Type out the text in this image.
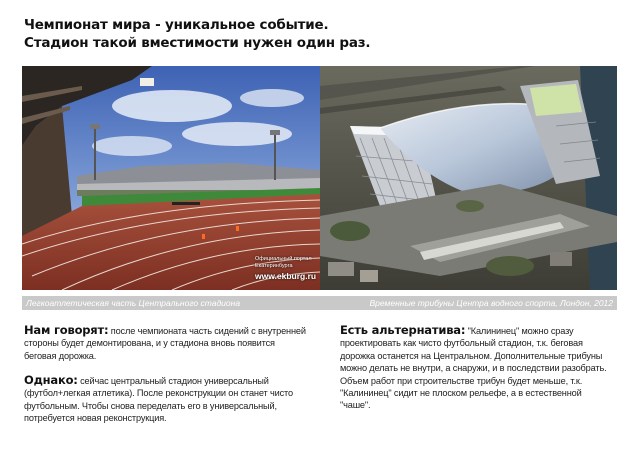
Чемпионат мира - уникальное событие.
Стадион такой вместимости нужен один раз.
Официальный портал
Екатеринбурга
www.ekburg.ru
Легкоатлетическая часть Центрального стадиона	Временные трибуны Центра водного спорта, Лондон, 2012
Нам говорят: после чемпионата часть сидений с внутренней стороны будет демонтирована, и у стадиона вновь появится беговая дорожка.
Однако: сейчас центральный стадион универсальный (футбол+легкая атлетика). После реконструкции он станет чисто футбольным. Чтобы снова переделать его в универсальный, потребуется новая реконструкция.
Есть альтернатива: "Калининец" можно сразу проектировать как чисто футбольный стадион, т.к. беговая дорожка останется на Центральном. Дополнительные трибуны можно делать не внутри, а снаружи, и в последствии разобрать. Объем работ при строительстве трибун будет меньше, т.к. "Калининец" сидит не плоском рельефе, а в естественной "чаше".
